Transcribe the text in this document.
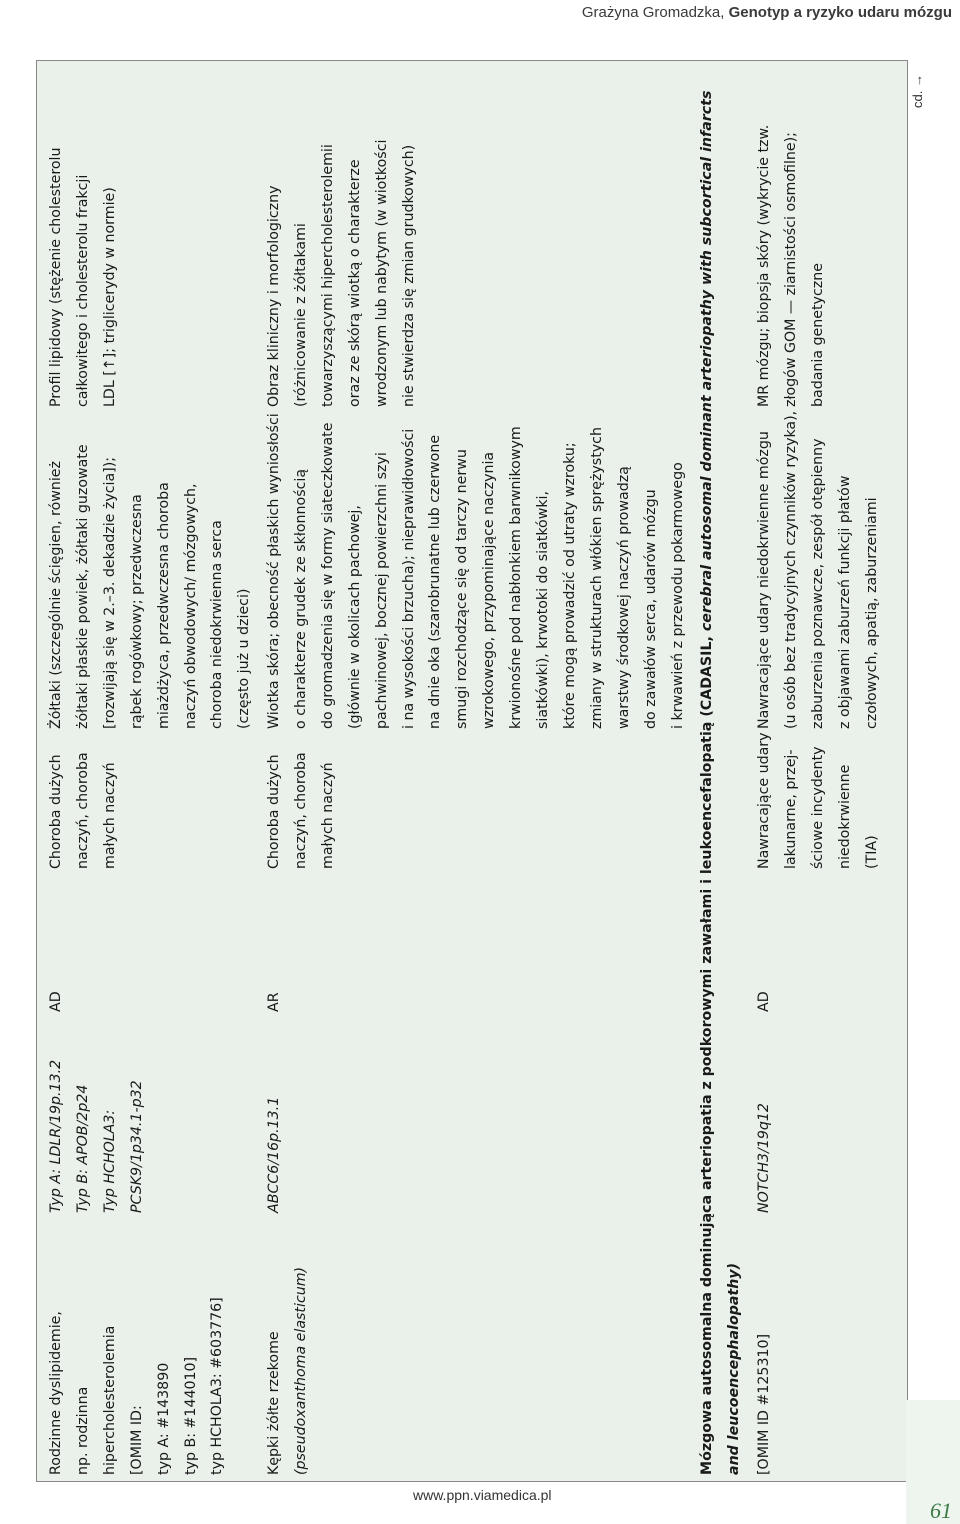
Grażyna Gromadzka, Genotyp a ryzyko udaru mózgu
Rodzinne dyslipidemie, np. rodzinna hipercholesterolemia [OMIM ID: typ A: #143890 typ B: #144010] typ HCHOLA3: #603776]
Typ A: LDLR/19p.13.2 Typ B: APOB/2p24 Typ HCHOLA3: PCSK9/1p34.1-p32
AD
Choroba dużych naczyń, choroba małych naczyń
Żółtaki (szczególnie ścięgien, również żółtaki płaskie powiek, żółtaki guzowate [rozwijają się w 2.–3. dekadzie życia]); rąbek rogówkowy; przedwczesna miażdżyca, przedwczesna choroba naczyń obwodowych/ mózgowych, choroba niedokrwienna serca (często już u dzieci)
Profil lipidowy (stężenie cholesterolu całkowitego i cholesterolu frakcji LDL [↑]; triglicerydy w normie)
Kępki żółte rzekome (pseudoxanthoma elasticum)
ABCC6/16p.13.1
AR
Choroba dużych naczyń, choroba małych naczyń
Wiotka skóra; obecność płaskich wyniosłości o charakterze grudek ze skłonnością do gromadzenia się w formy siateczkowate (głównie w okolicach pachowej, pachwinowej, bocznej powierzchni szyi i na wysokości brzucha); nieprawidłowości na dnie oka (szarobrunatne lub czerwone smugi rozchodzące się od tarczy nerwu wzrokowego, przypominające naczynia krwionośne pod nabłonkiem barwnikowym siatkówki), krwotoki do siatkówki, które mogą prowadzić od utraty wzroku; zmiany w strukturach włókien sprężystych warstwy środkowej naczyń prowadzą do zawałów serca, udarów mózgu i krwawień z przewodu pokarmowego
Obraz kliniczny i morfologiczny (różnicowanie z żółtakami towarzyszącymi hipercholesterolemii oraz ze skórą wiotką o charakterze wrodzonym lub nabytym (w wiotkości nie stwierdza się zmian grudkowych)
Mózgowa autosomalna dominująca arteriopatia z podkorowymi zawałami i leukoencefalopatią (CADASIL, cerebral autosomal dominant arteriopathy with subcortical infarcts
and leucoencephalopathy) [OMIM ID #125310]
NOTCH3/19q12
AD
Nawracające udary lakunarne, przej- ściowe incydenty niedokrwienne (TIA)
Nawracające udary niedokrwienne mózgu (u osób bez tradycyjnych czynników ryzyka), zaburzenia poznawcze, zespół otępienny z objawami zaburzeń funkcji płatów czołowych, apatią, zaburzeniami
MR mózgu; biopsja skóry (wykrycie tzw. złogów GOM — ziarnistości osmofilne); badania genetyczne
cd. →
www.ppn.viamedica.pl
61
